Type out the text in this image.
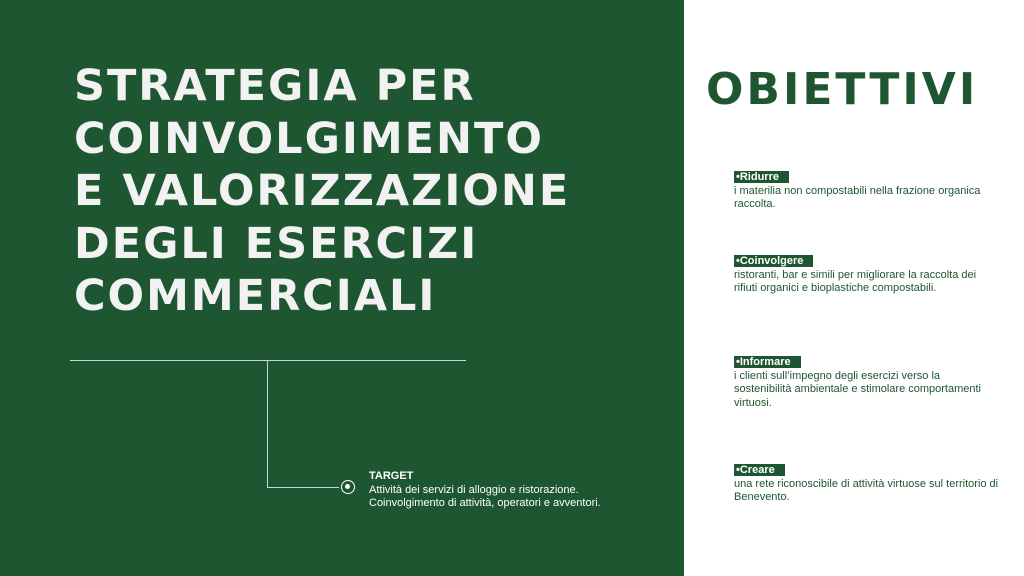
STRATEGIA PER
COINVOLGIMENTO
E VALORIZZAZIONE
DEGLI ESERCIZI
COMMERCIALI
TARGET
Attività dei servizi di alloggio e ristorazione.
Coinvolgimento di attività, operatori e avventori.
OBIETTIVI
•Ridurre
i materilia non compostabili nella frazione organica raccolta.
•Coinvolgere
ristoranti, bar e simili per migliorare la raccolta dei rifiuti organici e bioplastiche compostabili.
•Informare
i clienti sull’impegno degli esercizi verso la sostenibilità ambientale e stimolare comportamenti virtuosi.
•Creare
una rete riconoscibile di attività virtuose sul territorio di Benevento.
